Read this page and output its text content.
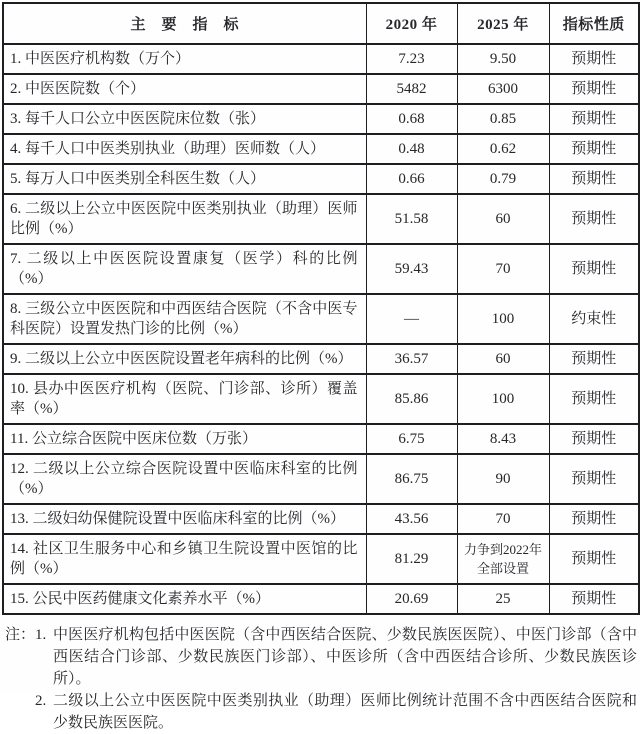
主　要　指　标	2020 年	2025 年	指标性质
1. 中医医疗机构数（万个）	7.23	9.50	预期性
2. 中医医院数（个）	5482	6300	预期性
3. 每千人口公立中医医院床位数（张）	0.68	0.85	预期性
4. 每千人口中医类别执业（助理）医师数（人）	0.48	0.62	预期性
5. 每万人口中医类别全科医生数（人）	0.66	0.79	预期性
6. 二级以上公立中医医院中医类别执业（助理）医师比例（%）	51.58	60	预期性
7. 二级以上中医医院设置康复（医学）科的比例（%）	59.43	70	预期性
8. 三级公立中医医院和中西医结合医院（不含中医专科医院）设置发热门诊的比例（%）	—	100	约束性
9. 二级以上公立中医医院设置老年病科的比例（%）	36.57	60	预期性
10. 县办中医医疗机构（医院、门诊部、诊所）覆盖率（%）	85.86	100	预期性
11. 公立综合医院中医床位数（万张）	6.75	8.43	预期性
12. 二级以上公立综合医院设置中医临床科室的比例（%）	86.75	90	预期性
13. 二级妇幼保健院设置中医临床科室的比例（%）	43.56	70	预期性
14. 社区卫生服务中心和乡镇卫生院设置中医馆的比例（%）	81.29	力争到2022年全部设置	预期性
15. 公民中医药健康文化素养水平（%）	20.69	25	预期性
注： 1. 中医医疗机构包括中医医院（含中西医结合医院、少数民族医医院）、中医门诊部（含中西医结合门诊部、少数民族医门诊部）、中医诊所（含中西医结合诊所、少数民族医诊所）。
2. 二级以上公立中医医院中医类别执业（助理）医师比例统计范围不含中西医结合医院和少数民族医医院。
